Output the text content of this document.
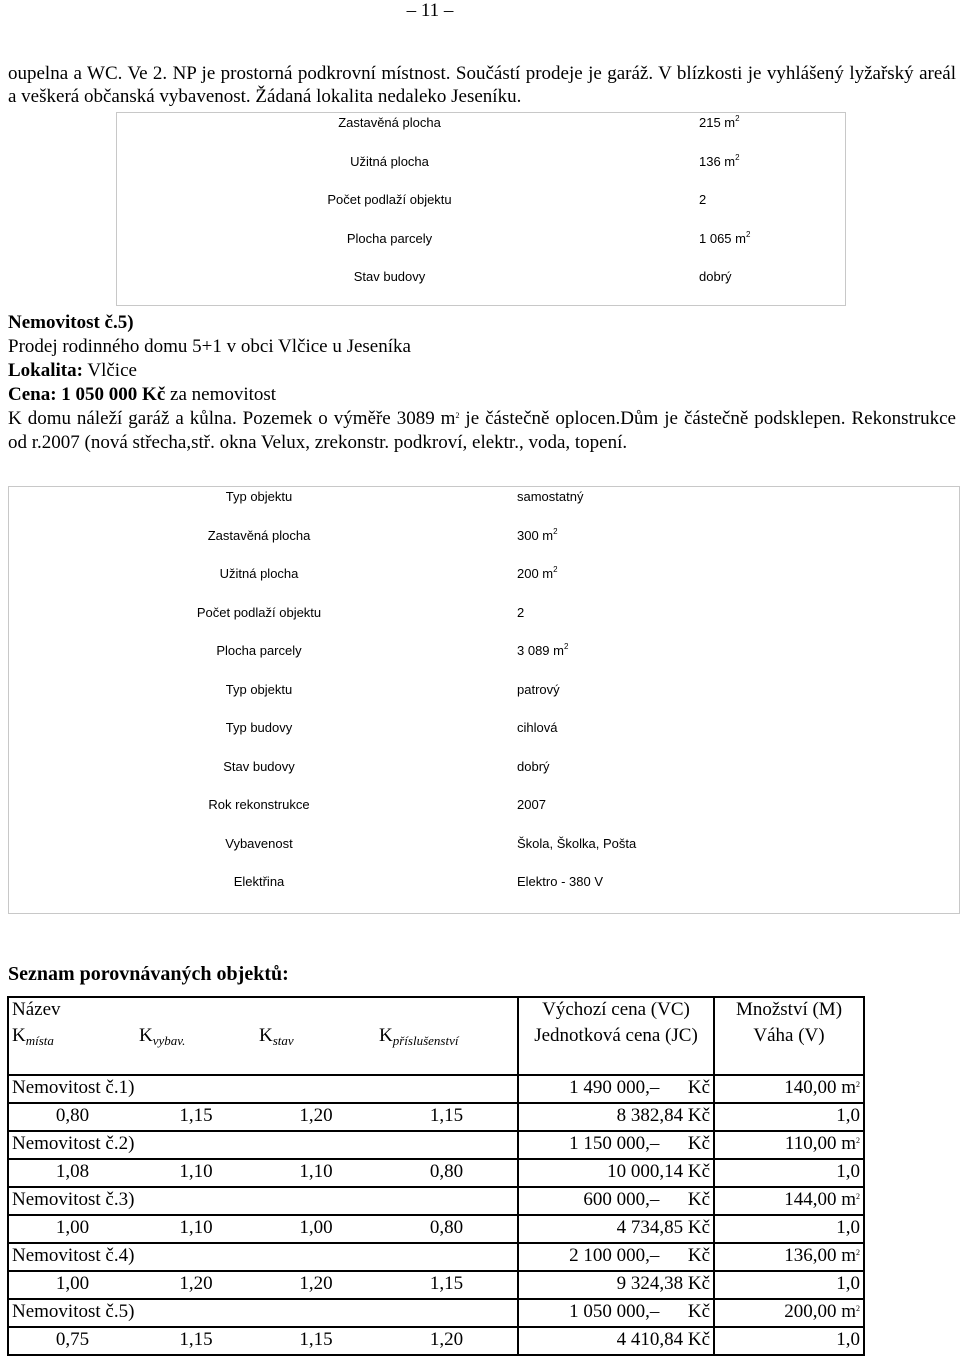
– 11 –
oupelna a WC. Ve 2. NP je prostorná podkrovní místnost. Součástí prodeje je garáž. V blízkosti je vyhlášený lyžařský areál a veškerá občanská vybavenost. Žádaná lokalita nedaleko Jeseníku.
Zastavěná plocha	215 $m^2$
Užitná plocha	136 $m^2$
Počet podlaží objektu	2
Plocha parcely	1 065 $m^2$
Stav budovy	dobrý
Nemovitost č.5)
Prodej rodinného domu 5+1 v obci Vlčice u Jeseníka
Lokalita: Vlčice
Cena: 1 050 000 Kč za nemovitost
K domu náleží garáž a kůlna. Pozemek o výměře 3089 $m^2$ je částečně oplocen.Dům je částečně podsklepen. Rekonstrukce od r.2007 (nová střecha,stř. okna Velux, zrekonstr. podkroví, elektr., voda, topení.
Typ objektu	samostatný
Zastavěná plocha	300 $m^2$
Užitná plocha	200 $m^2$
Počet podlaží objektu	2
Plocha parcely	3 089 $m^2$
Typ objektu	patrový
Typ budovy	cihlová
Stav budovy	dobrý
Rok rekonstrukce	2007
Vybavenost	Škola, Školka, Pošta
Elektřina	Elektro - 380 V
Seznam porovnávaných objektů:
Název				Výchozí cena (VC)	Množství (M)
$K_{místa}$	$K_{vybav.}$	$K_{stav}$	$K_{příslušenství}$	Jednotková cena (JC)	Váha (V)
Nemovitost č.1)				1 490 000,– Kč	140,00 $m^2$
0,80	1,15	1,20	1,15	8 382,84 Kč	1,0
Nemovitost č.2)				1 150 000,– Kč	110,00 $m^2$
1,08	1,10	1,10	0,80	10 000,14 Kč	1,0
Nemovitost č.3)				600 000,– Kč	144,00 $m^2$
1,00	1,10	1,00	0,80	4 734,85 Kč	1,0
Nemovitost č.4)				2 100 000,– Kč	136,00 $m^2$
1,00	1,20	1,20	1,15	9 324,38 Kč	1,0
Nemovitost č.5)				1 050 000,– Kč	200,00 $m^2$
0,75	1,15	1,15	1,20	4 410,84 Kč	1,0
